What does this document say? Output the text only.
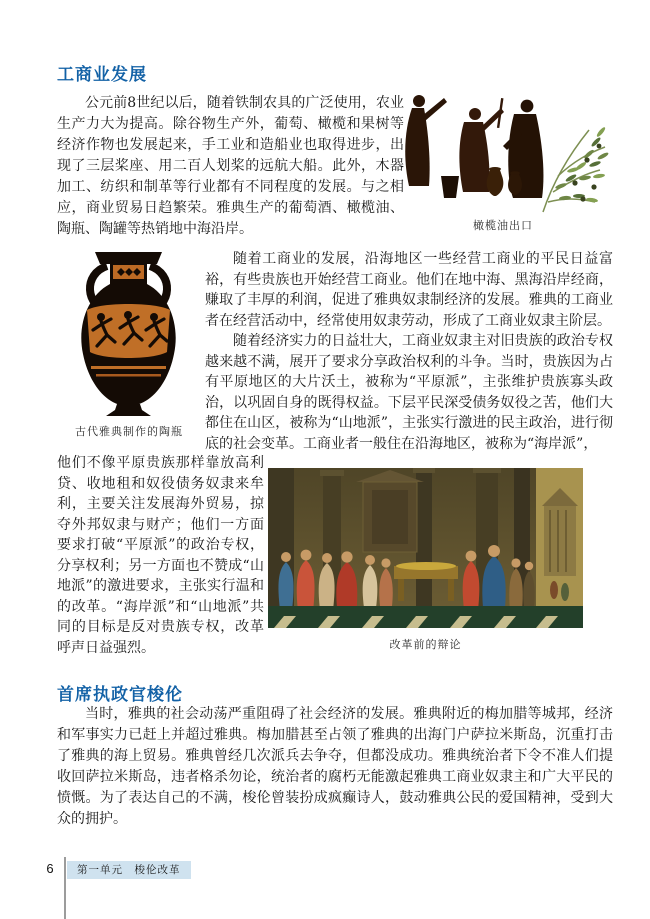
工商业发展
公元前8世纪以后，随着铁制农具的广泛使用，农业生产力大为提高。除谷物生产外，葡萄、橄榄和果树等经济作物也发展起来，手工业和造船业也取得进步，出现了三层桨座、用二百人划桨的远航大船。此外，木器加工、纺织和制革等行业都有不同程度的发展。与之相应，商业贸易日趋繁荣。雅典生产的葡萄酒、橄榄油、陶瓶、陶罐等热销地中海沿岸。	橄榄油出口
古代雅典制作的陶瓶
随着工商业的发展，沿海地区一些经营工商业的平民日益富裕，有些贵族也开始经营工商业。他们在地中海、黑海沿岸经商，赚取了丰厚的利润，促进了雅典奴隶制经济的发展。雅典的工商业者在经营活动中，经常使用奴隶劳动，形成了工商业奴隶主阶层。
随着经济实力的日益壮大，工商业奴隶主对旧贵族的政治专权越来越不满，展开了要求分享政治权利的斗争。当时，贵族因为占有平原地区的大片沃土，被称为“平原派”，主张维护贵族寡头政治，以巩固自身的既得权益。下层平民深受债务奴役之苦，他们大都住在山区，被称为“山地派”，主张实行激进的民主政治，进行彻底的社会变革。工商业者一般住在沿海地区，被称为“海岸派”，
他们不像平原贵族那样靠放高利贷、收地租和奴役债务奴隶来牟利，主要关注发展海外贸易，掠夺外邦奴隶与财产；他们一方面要求打破“平原派”的政治专权，分享权利；另一方面也不赞成“山地派”的激进要求，主张实行温和的改革。“海岸派”和“山地派”共同的目标是反对贵族专权，改革呼声日益强烈。	改革前的辩论
首席执政官梭伦
当时，雅典的社会动荡严重阻碍了社会经济的发展。雅典附近的梅加腊等城邦，经济和军事实力已赶上并超过雅典。梅加腊甚至占领了雅典的出海门户萨拉米斯岛，沉重打击了雅典的海上贸易。雅典曾经几次派兵去争夺，但都没成功。雅典统治者下令不准人们提收回萨拉米斯岛，违者格杀勿论，统治者的腐朽无能激起雅典工商业奴隶主和广大平民的愤慨。为了表达自己的不满，梭伦曾装扮成疯癫诗人，鼓动雅典公民的爱国精神，受到大众的拥护。
6	第一单元　梭伦改革
